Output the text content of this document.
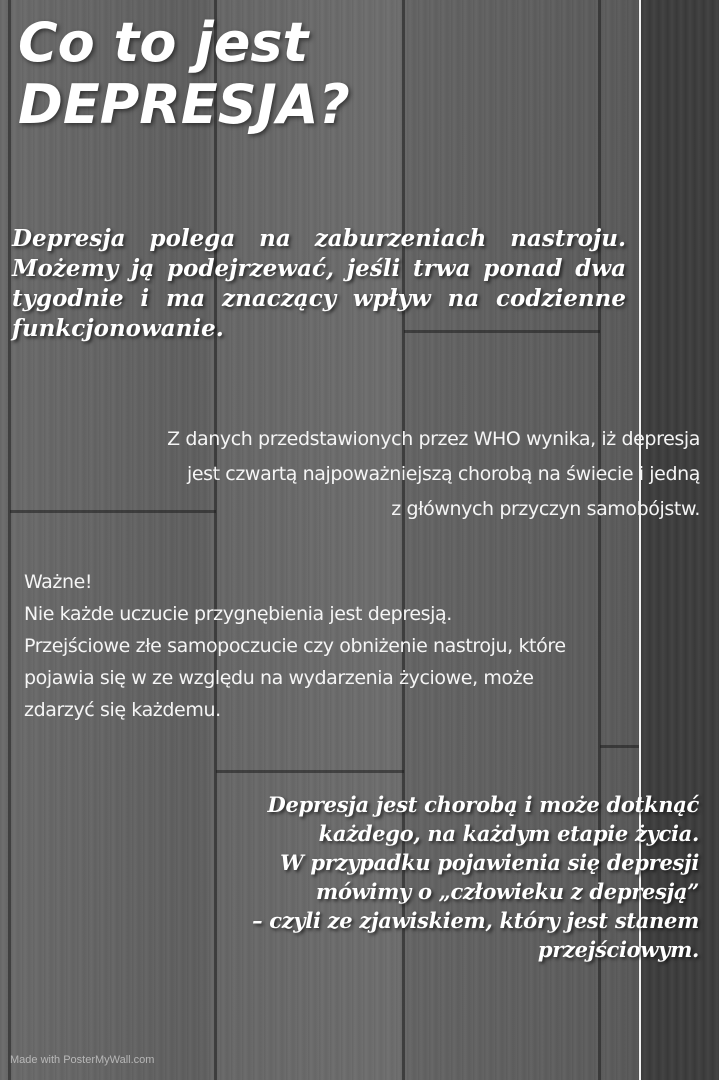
Co to jest
DEPRESJA?

Depresja polega na zaburzeniach nastroju. Możemy ją podejrzewać, jeśli trwa ponad dwa tygodnie i ma znaczący wpływ na codzienne funkcjonowanie.

Z danych przedstawionych przez WHO wynika, iż depresja
jest czwartą najpoważniejszą chorobą na świecie i jedną
z głównych przyczyn samobójstw.

Ważne!
Nie każde uczucie przygnębienia jest depresją.
Przejściowe złe samopoczucie czy obniżenie nastroju, które
pojawia się w ze względu na wydarzenia życiowe, może
zdarzyć się każdemu.

Depresja jest chorobą i może dotknąć
każdego, na każdym etapie życia.
W przypadku pojawienia się depresji
mówimy o „człowieku z depresją”
– czyli ze zjawiskiem, który jest stanem
przejściowym.

Made with PosterMyWall.com
